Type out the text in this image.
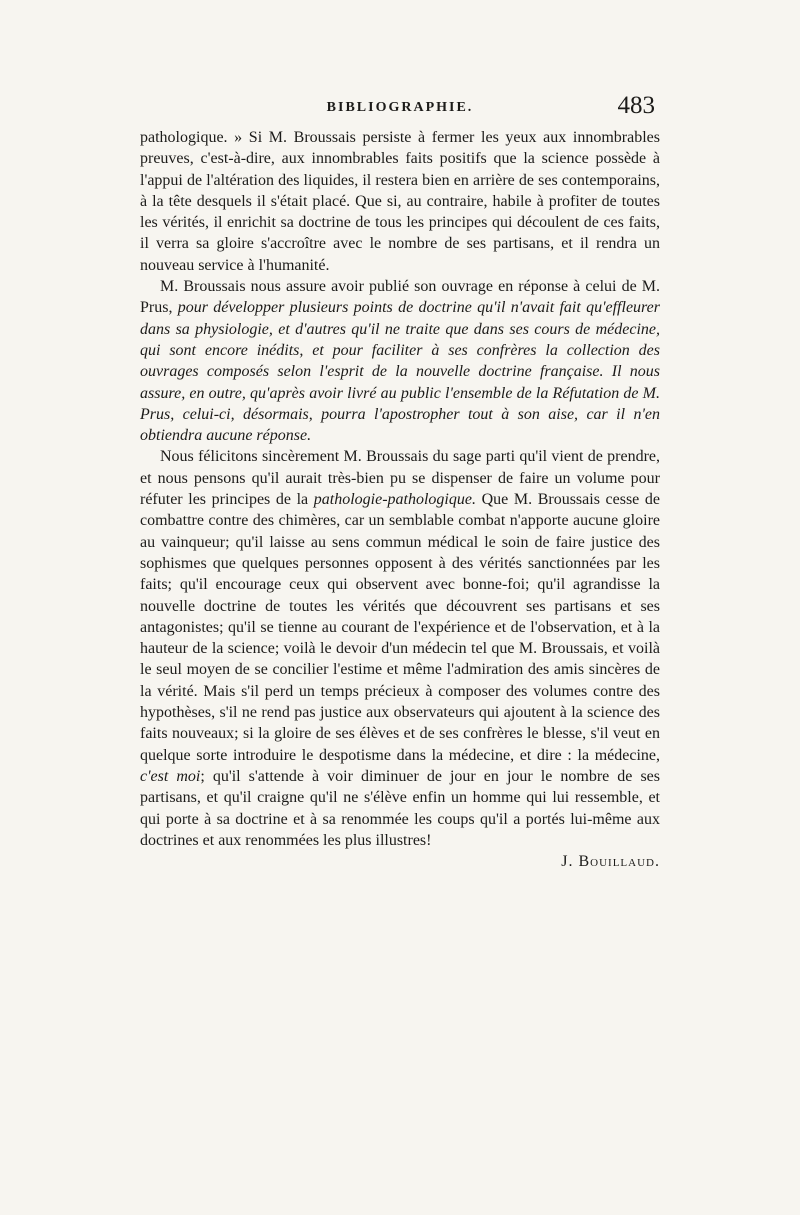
BIBLIOGRAPHIE.	483

pathologique. » Si M. Broussais persiste à fermer les yeux aux innombrables preuves, c'est-à-dire, aux innombrables faits positifs que la science possède à l'appui de l'altération des liquides, il restera bien en arrière de ses contemporains, à la tête desquels il s'était placé. Que si, au contraire, habile à profiter de toutes les vérités, il enrichit sa doctrine de tous les principes qui découlent de ces faits, il verra sa gloire s'accroître avec le nombre de ses partisans, et il rendra un nouveau service à l'humanité.

M. Broussais nous assure avoir publié son ouvrage en réponse à celui de M. Prus, pour développer plusieurs points de doctrine qu'il n'avait fait qu'effleurer dans sa physiologie, et d'autres qu'il ne traite que dans ses cours de médecine, qui sont encore inédits, et pour faciliter à ses confrères la collection des ouvrages composés selon l'esprit de la nouvelle doctrine française. Il nous assure, en outre, qu'après avoir livré au public l'ensemble de la Réfutation de M. Prus, celui-ci, désormais, pourra l'apostropher tout à son aise, car il n'en obtiendra aucune réponse.

Nous félicitons sincèrement M. Broussais du sage parti qu'il vient de prendre, et nous pensons qu'il aurait très-bien pu se dispenser de faire un volume pour réfuter les principes de la pathologie-pathologique. Que M. Broussais cesse de combattre contre des chimères, car un semblable combat n'apporte aucune gloire au vainqueur; qu'il laisse au sens commun médical le soin de faire justice des sophismes que quelques personnes opposent à des vérités sanctionnées par les faits; qu'il encourage ceux qui observent avec bonne-foi; qu'il agrandisse la nouvelle doctrine de toutes les vérités que découvrent ses partisans et ses antagonistes; qu'il se tienne au courant de l'expérience et de l'observation, et à la hauteur de la science; voilà le devoir d'un médecin tel que M. Broussais, et voilà le seul moyen de se concilier l'estime et même l'admiration des amis sincères de la vérité. Mais s'il perd un temps précieux à composer des volumes contre des hypothèses, s'il ne rend pas justice aux observateurs qui ajoutent à la science des faits nouveaux; si la gloire de ses élèves et de ses confrères le blesse, s'il veut en quelque sorte introduire le despotisme dans la médecine, et dire : la médecine, c'est moi; qu'il s'attende à voir diminuer de jour en jour le nombre de ses partisans, et qu'il craigne qu'il ne s'élève enfin un homme qui lui ressemble, et qui porte à sa doctrine et à sa renommée les coups qu'il a portés lui-même aux doctrines et aux renommées les plus illustres!

J. Bouillaud.
